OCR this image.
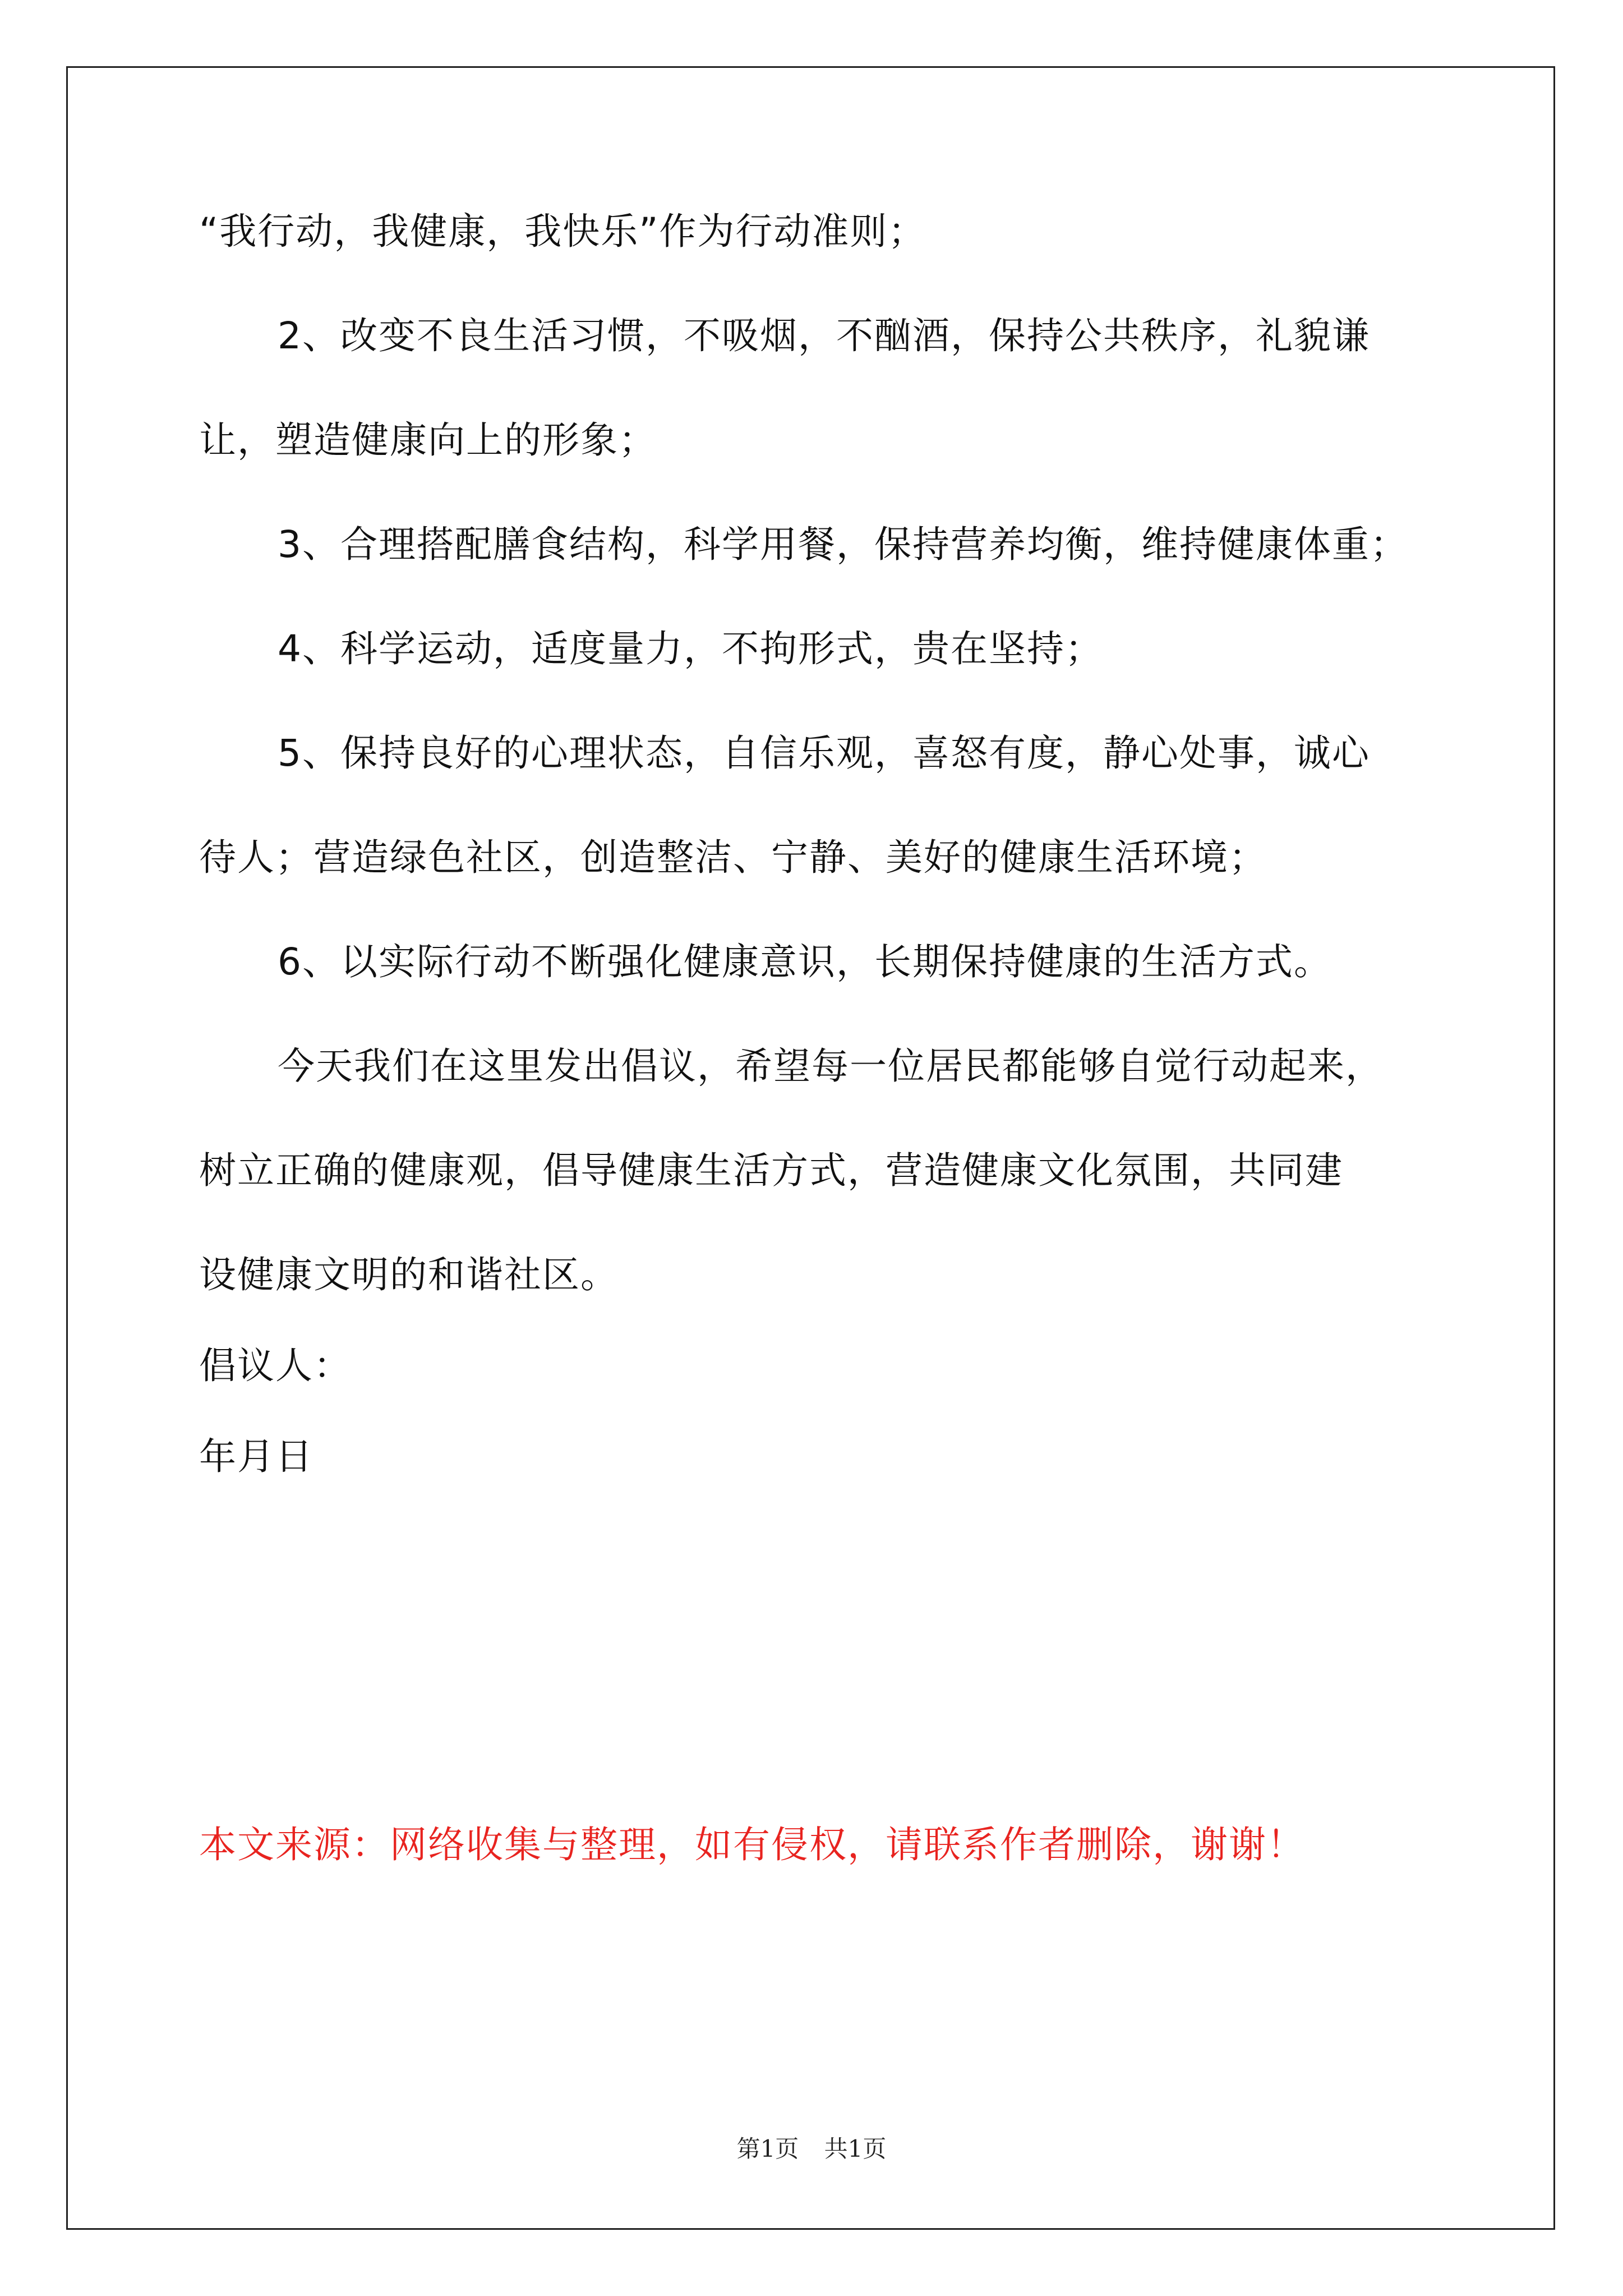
“我行动，我健康，我快乐”作为行动准则；
2、改变不良生活习惯，不吸烟，不酗酒，保持公共秩序，礼貌谦
让，塑造健康向上的形象；
3、合理搭配膳食结构，科学用餐，保持营养均衡，维持健康体重；
4、科学运动，适度量力，不拘形式，贵在坚持；
5、保持良好的心理状态，自信乐观，喜怒有度，静心处事，诚心
待人；营造绿色社区，创造整洁、宁静、美好的健康生活环境；
6、以实际行动不断强化健康意识，长期保持健康的生活方式。
今天我们在这里发出倡议，希望每一位居民都能够自觉行动起来，
树立正确的健康观，倡导健康生活方式，营造健康文化氛围，共同建
设健康文明的和谐社区。
倡议人：
年月日
本文来源：网络收集与整理，如有侵权，请联系作者删除，谢谢！
第1页 共1页
